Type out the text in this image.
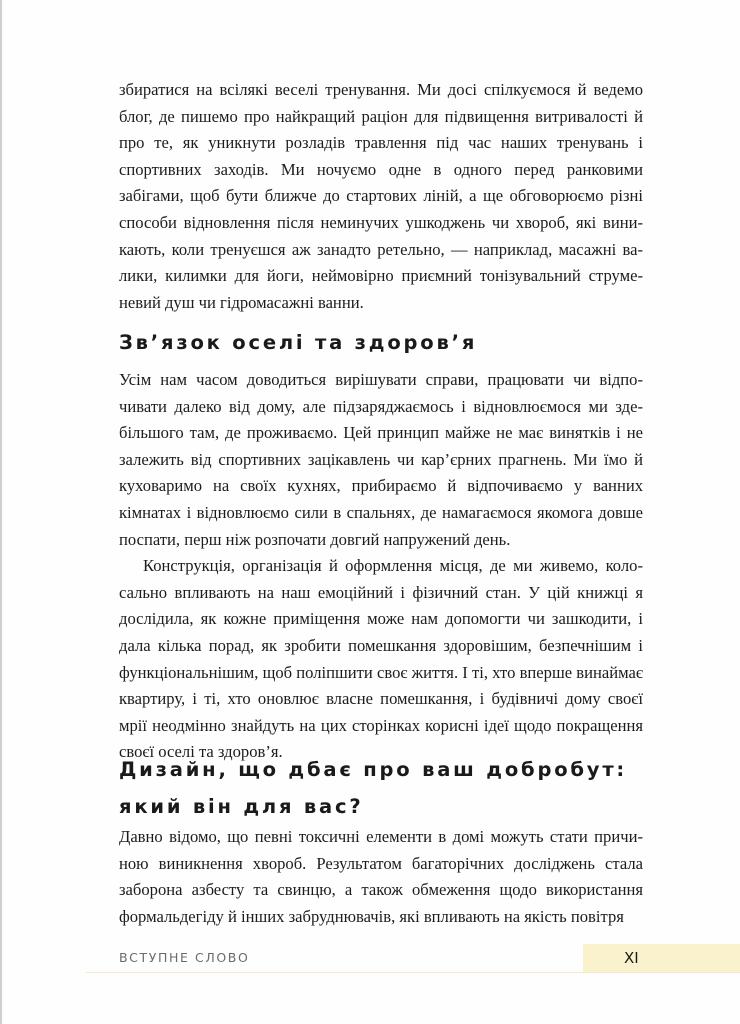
збиратися на всілякі веселі тренування. Ми досі спілкуємося й ведемо блог, де пишемо про найкращий раціон для підвищення витривалості й про те, як уникнути розладів травлення під час наших тренувань і спортивних заходів. Ми ночуємо одне в одного перед ранковими забігами, щоб бути ближче до стартових ліній, а ще обговорюємо різні способи відновлення після неминучих ушкоджень чи хвороб, які виникають, коли тренуєшся аж занадто ретельно, — наприклад, масажні валики, килимки для йоги, неймовірно приємний тонізувальний струменевий душ чи гідромасажні ванни.

Зв’язок оселі та здоров’я

Усім нам часом доводиться вирішувати справи, працювати чи відпочивати далеко від дому, але підзаряджаємось і відновлюємося ми здебільшого там, де проживаємо. Цей принцип майже не має винятків і не залежить від спортивних зацікавлень чи кар’єрних прагнень. Ми їмо й куховаримо на своїх кухнях, прибираємо й відпочиваємо у ванних кімнатах і відновлюємо сили в спальнях, де намагаємося якомога довше поспати, перш ніж розпочати довгий напружений день.

Конструкція, організація й оформлення місця, де ми живемо, колосально впливають на наш емоційний і фізичний стан. У цій книжці я дослідила, як кожне приміщення може нам допомогти чи зашкодити, і дала кілька порад, як зробити помешкання здоровішим, безпечнішим і функціональнішим, щоб поліпшити своє життя. І ті, хто вперше винаймає квартиру, і ті, хто оновлює власне помешкання, і будівничі дому своєї мрії неодмінно знайдуть на цих сторінках корисні ідеї щодо покращення своєї оселі та здоров’я.

Дизайн, що дбає про ваш добробут:
який він для вас?

Давно відомо, що певні токсичні елементи в домі можуть стати причиною виникнення хвороб. Результатом багаторічних досліджень стала заборона азбесту та свинцю, а також обмеження щодо використання формальдегіду й інших забруднювачів, які впливають на якість повітря

ВСТУПНЕ СЛОВО	XI
